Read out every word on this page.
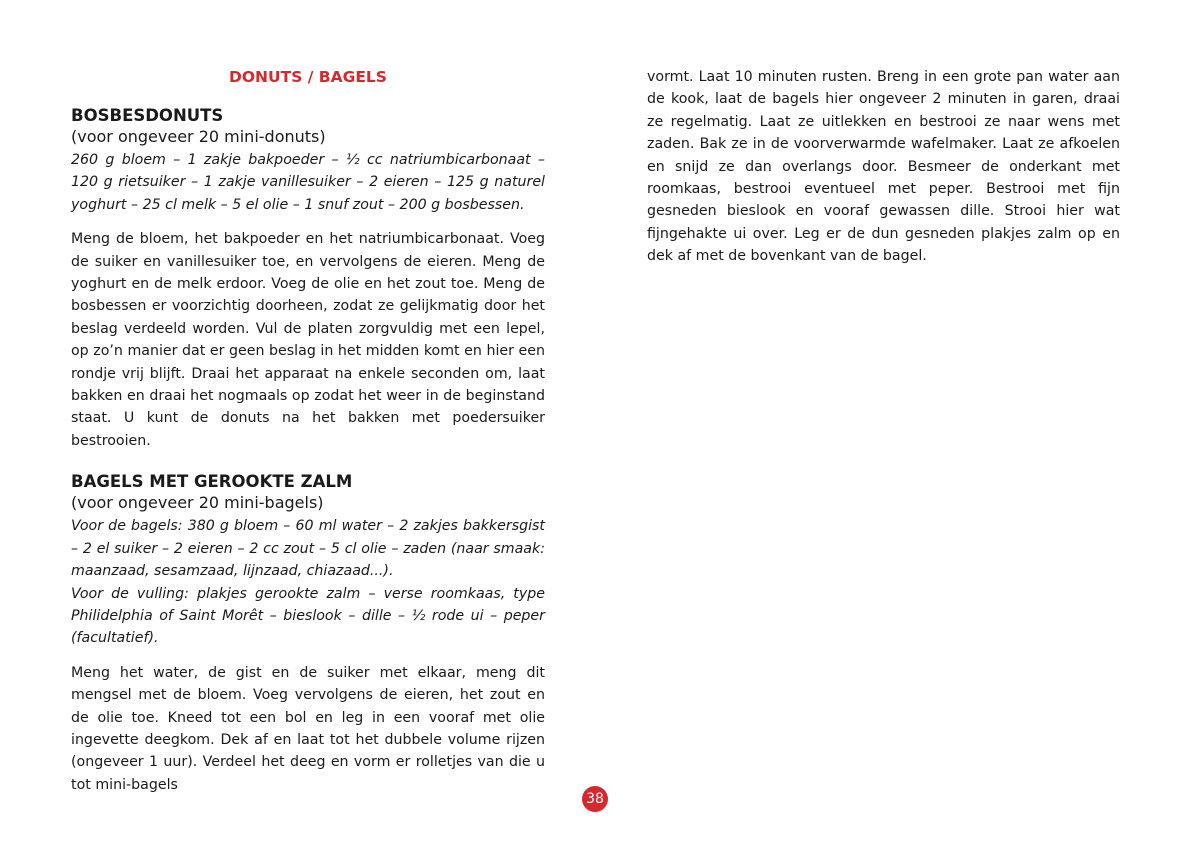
DONUTS / BAGELS
BOSBESDONUTS
(voor ongeveer 20 mini-donuts)

260 g bloem – 1 zakje bakpoeder – ½ cc natriumbicarbonaat – 120 g rietsuiker – 1 zakje vanillesuiker – 2 eieren – 125 g naturel yoghurt – 25 cl melk – 5 el olie – 1 snuf zout – 200 g bosbessen.

Meng de bloem, het bakpoeder en het natriumbicarbonaat. Voeg de suiker en vanillesuiker toe, en vervolgens de eieren. Meng de yoghurt en de melk erdoor. Voeg de olie en het zout toe. Meng de bosbessen er voorzichtig doorheen, zodat ze gelijkmatig door het beslag verdeeld worden. Vul de platen zorgvuldig met een lepel, op zo’n manier dat er geen beslag in het midden komt en hier een rondje vrij blijft. Draai het apparaat na enkele seconden om, laat bakken en draai het nogmaals op zodat het weer in de beginstand staat. U kunt de donuts na het bakken met poedersuiker bestrooien.

BAGELS MET GEROOKTE ZALM
(voor ongeveer 20 mini-bagels)

Voor de bagels: 380 g bloem – 60 ml water – 2 zakjes bakkersgist – 2 el suiker – 2 eieren – 2 cc zout – 5 cl olie – zaden (naar smaak: maanzaad, sesamzaad, lijnzaad, chiazaad...).

Voor de vulling: plakjes gerookte zalm – verse roomkaas, type Philidelphia of Saint Morêt – bieslook – dille – ½ rode ui – peper (facultatief).

Meng het water, de gist en de suiker met elkaar, meng dit mengsel met de bloem. Voeg vervolgens de eieren, het zout en de olie toe. Kneed tot een bol en leg in een vooraf met olie ingevette deegkom. Dek af en laat tot het dubbele volume rijzen (ongeveer 1 uur). Verdeel het deeg en vorm er rolletjes van die u tot mini-bagels

vormt. Laat 10 minuten rusten. Breng in een grote pan water aan de kook, laat de bagels hier ongeveer 2 minuten in garen, draai ze regelmatig. Laat ze uitlekken en bestrooi ze naar wens met zaden. Bak ze in de voorverwarmde wafelmaker. Laat ze afkoelen en snijd ze dan overlangs door. Besmeer de onderkant met roomkaas, bestrooi eventueel met peper. Bestrooi met fijn gesneden bieslook en vooraf gewassen dille. Strooi hier wat fijngehakte ui over. Leg er de dun gesneden plakjes zalm op en dek af met de bovenkant van de bagel.

38
